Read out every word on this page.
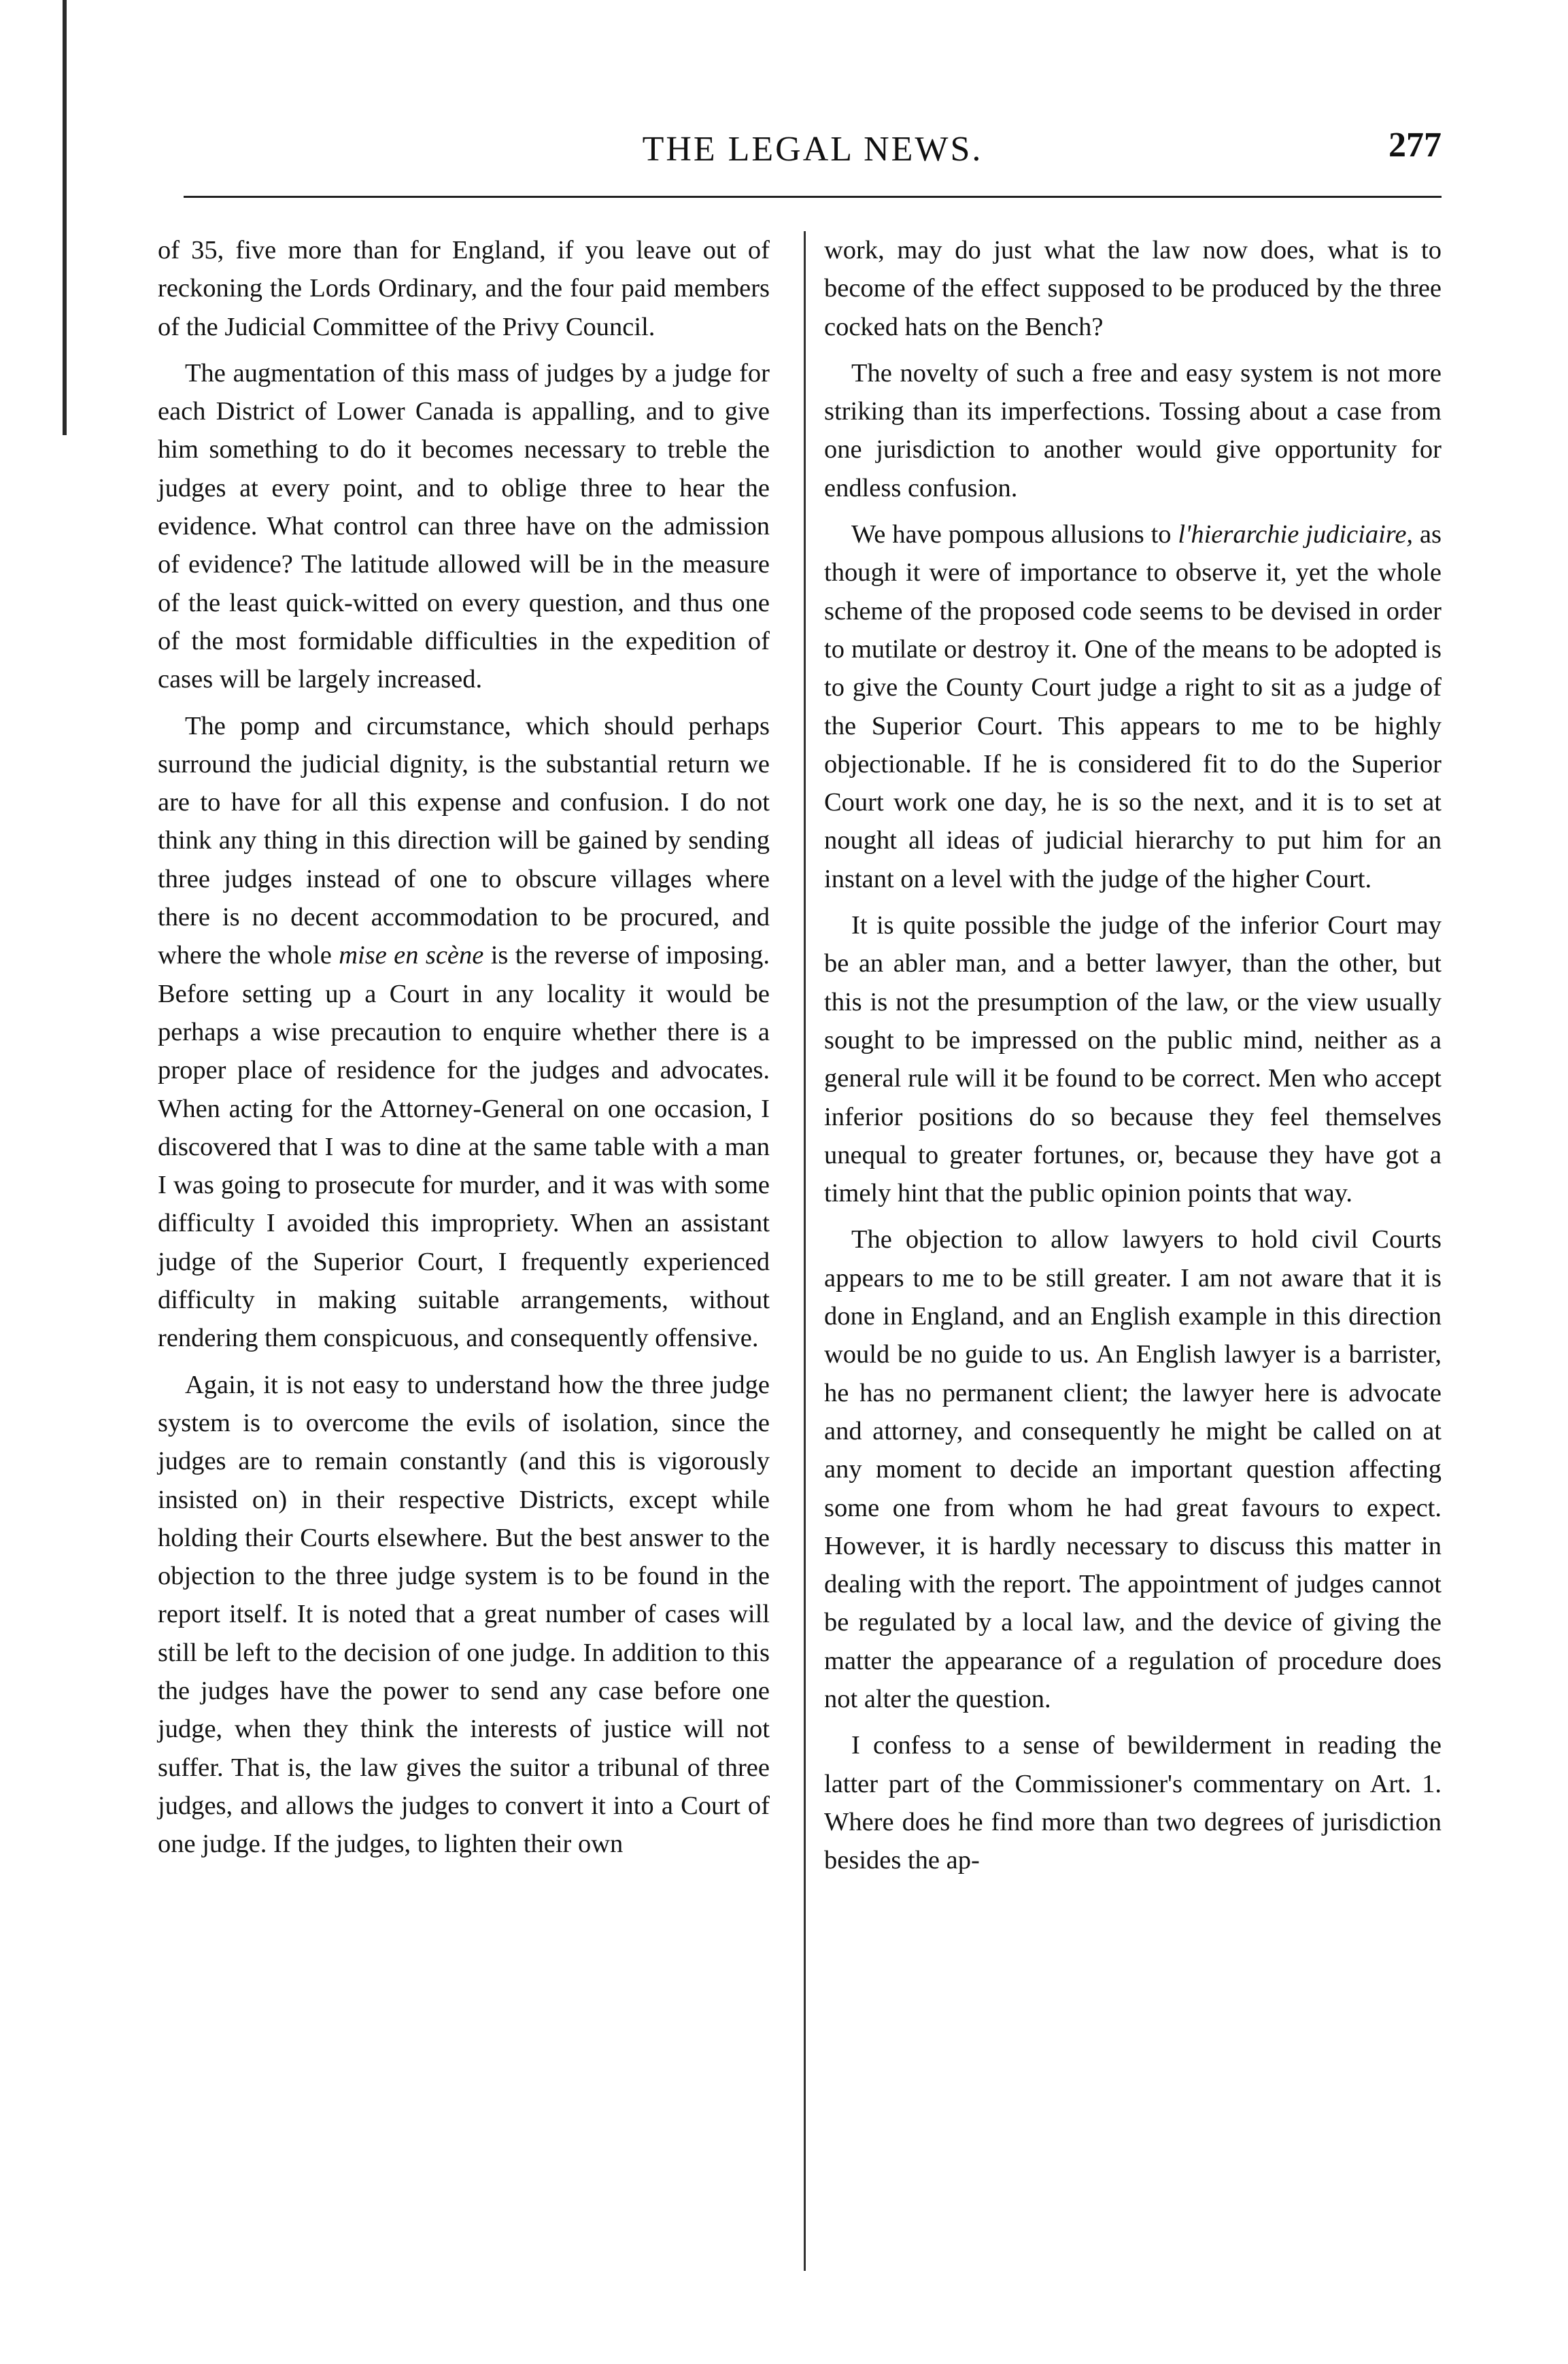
THE LEGAL NEWS.	277

of 35, five more than for England, if you leave out of reckoning the Lords Ordinary, and the four paid members of the Judicial Committee of the Privy Council.

The augmentation of this mass of judges by a judge for each District of Lower Canada is appalling, and to give him something to do it becomes necessary to treble the judges at every point, and to oblige three to hear the evidence. What control can three have on the admission of evidence? The latitude allowed will be in the measure of the least quick-witted on every question, and thus one of the most formidable difficulties in the expedition of cases will be largely increased.

The pomp and circumstance, which should perhaps surround the judicial dignity, is the substantial return we are to have for all this expense and confusion. I do not think any thing in this direction will be gained by sending three judges instead of one to obscure villages where there is no decent accommodation to be procured, and where the whole mise en scène is the reverse of imposing. Before setting up a Court in any locality it would be perhaps a wise precaution to enquire whether there is a proper place of residence for the judges and advocates. When acting for the Attorney-General on one occasion, I discovered that I was to dine at the same table with a man I was going to prosecute for murder, and it was with some difficulty I avoided this impropriety. When an assistant judge of the Superior Court, I frequently experienced difficulty in making suitable arrangements, without rendering them conspicuous, and consequently offensive.

Again, it is not easy to understand how the three judge system is to overcome the evils of isolation, since the judges are to remain constantly (and this is vigorously insisted on) in their respective Districts, except while holding their Courts elsewhere. But the best answer to the objection to the three judge system is to be found in the report itself. It is noted that a great number of cases will still be left to the decision of one judge. In addition to this the judges have the power to send any case before one judge, when they think the interests of justice will not suffer. That is, the law gives the suitor a tribunal of three judges, and allows the judges to convert it into a Court of one judge. If the judges, to lighten their own

work, may do just what the law now does, what is to become of the effect supposed to be produced by the three cocked hats on the Bench?

The novelty of such a free and easy system is not more striking than its imperfections. Tossing about a case from one jurisdiction to another would give opportunity for endless confusion.

We have pompous allusions to l'hierarchie judiciaire, as though it were of importance to observe it, yet the whole scheme of the proposed code seems to be devised in order to mutilate or destroy it. One of the means to be adopted is to give the County Court judge a right to sit as a judge of the Superior Court. This appears to me to be highly objectionable. If he is considered fit to do the Superior Court work one day, he is so the next, and it is to set at nought all ideas of judicial hierarchy to put him for an instant on a level with the judge of the higher Court.

It is quite possible the judge of the inferior Court may be an abler man, and a better lawyer, than the other, but this is not the presumption of the law, or the view usually sought to be impressed on the public mind, neither as a general rule will it be found to be correct. Men who accept inferior positions do so because they feel themselves unequal to greater fortunes, or, because they have got a timely hint that the public opinion points that way.

The objection to allow lawyers to hold civil Courts appears to me to be still greater. I am not aware that it is done in England, and an English example in this direction would be no guide to us. An English lawyer is a barrister, he has no permanent client; the lawyer here is advocate and attorney, and consequently he might be called on at any moment to decide an important question affecting some one from whom he had great favours to expect. However, it is hardly necessary to discuss this matter in dealing with the report. The appointment of judges cannot be regulated by a local law, and the device of giving the matter the appearance of a regulation of procedure does not alter the question.

I confess to a sense of bewilderment in reading the latter part of the Commissioner's commentary on Art. 1. Where does he find more than two degrees of jurisdiction besides the ap-
